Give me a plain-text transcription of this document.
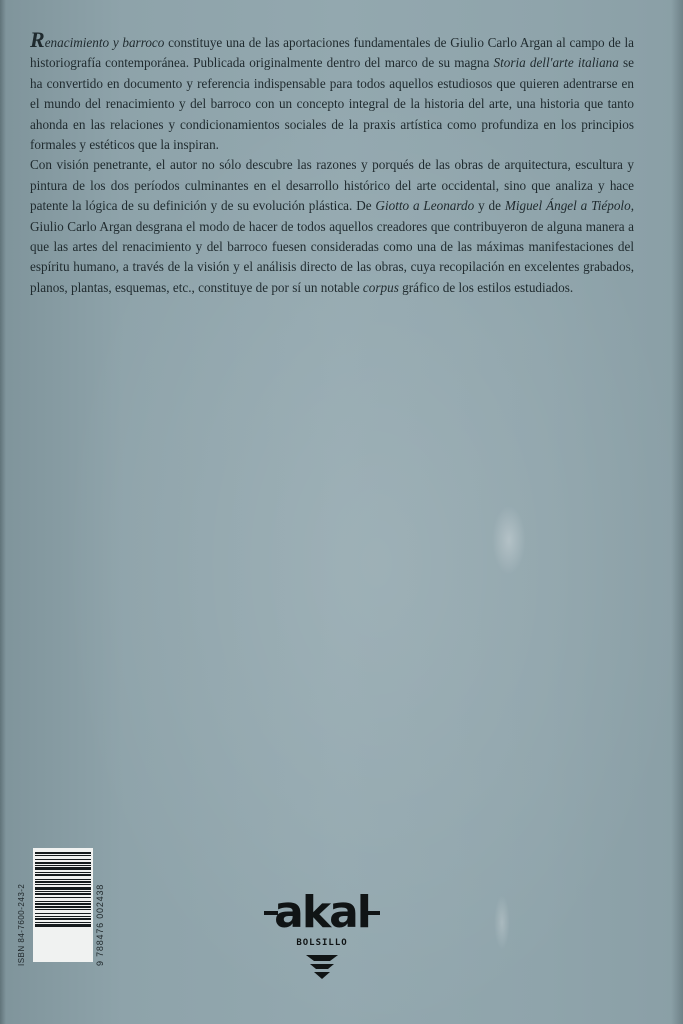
Renacimiento y barroco constituye una de las aportaciones fundamentales de Giulio Carlo Argan al campo de la historiografía contemporánea. Publicada originalmente dentro del marco de su magna Storia dell'arte italiana se ha convertido en documento y referencia indispensable para todos aquellos estudiosos que quieren adentrarse en el mundo del renacimiento y del barroco con un concepto integral de la historia del arte, una historia que tanto ahonda en las relaciones y condicionamientos sociales de la praxis artística como profundiza en los principios formales y estéticos que la inspiran.

Con visión penetrante, el autor no sólo descubre las razones y porqués de las obras de arquitectura, escultura y pintura de los dos períodos culminantes en el desarrollo histórico del arte occidental, sino que analiza y hace patente la lógica de su definición y de su evolución plástica. De Giotto a Leonardo y de Miguel Ángel a Tiépolo, Giulio Carlo Argan desgrana el modo de hacer de todos aquellos creadores que contribuyeron de alguna manera a que las artes del renacimiento y del barroco fuesen consideradas como una de las máximas manifestaciones del espíritu humano, a través de la visión y el análisis directo de las obras, cuya recopilación en excelentes grabados, planos, plantas, esquemas, etc., constituye de por sí un notable corpus gráfico de los estilos estudiados.

ISBN 84-7600-243-2	9 788476 002438	akal
BOLSILLO
